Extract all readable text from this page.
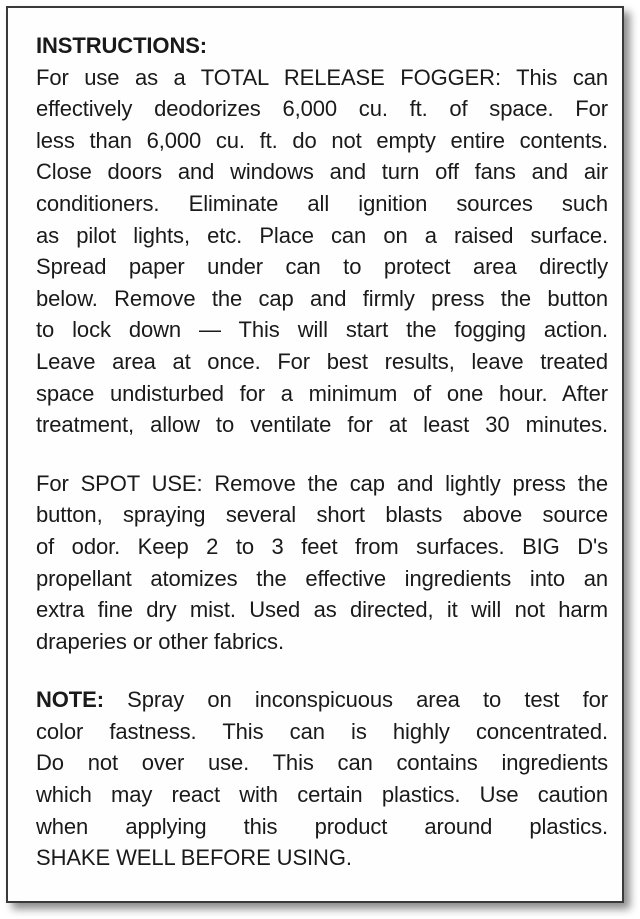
INSTRUCTIONS:
For use as a TOTAL RELEASE FOGGER: This can
effectively deodorizes 6,000 cu. ft. of space. For
less than 6,000 cu. ft. do not empty entire contents.
Close doors and windows and turn off fans and air
conditioners. Eliminate all ignition sources such
as pilot lights, etc. Place can on a raised surface.
Spread paper under can to protect area directly
below. Remove the cap and firmly press the button
to lock down — This will start the fogging action.
Leave area at once. For best results, leave treated
space undisturbed for a minimum of one hour. After
treatment, allow to ventilate for at least 30 minutes.
For SPOT USE: Remove the cap and lightly press the
button, spraying several short blasts above source
of odor. Keep 2 to 3 feet from surfaces. BIG D's
propellant atomizes the effective ingredients into an
extra fine dry mist. Used as directed, it will not harm
draperies or other fabrics.
NOTE: Spray on inconspicuous area to test for
color fastness. This can is highly concentrated.
Do not over use. This can contains ingredients
which may react with certain plastics. Use caution
when applying this product around plastics.
SHAKE WELL BEFORE USING.
